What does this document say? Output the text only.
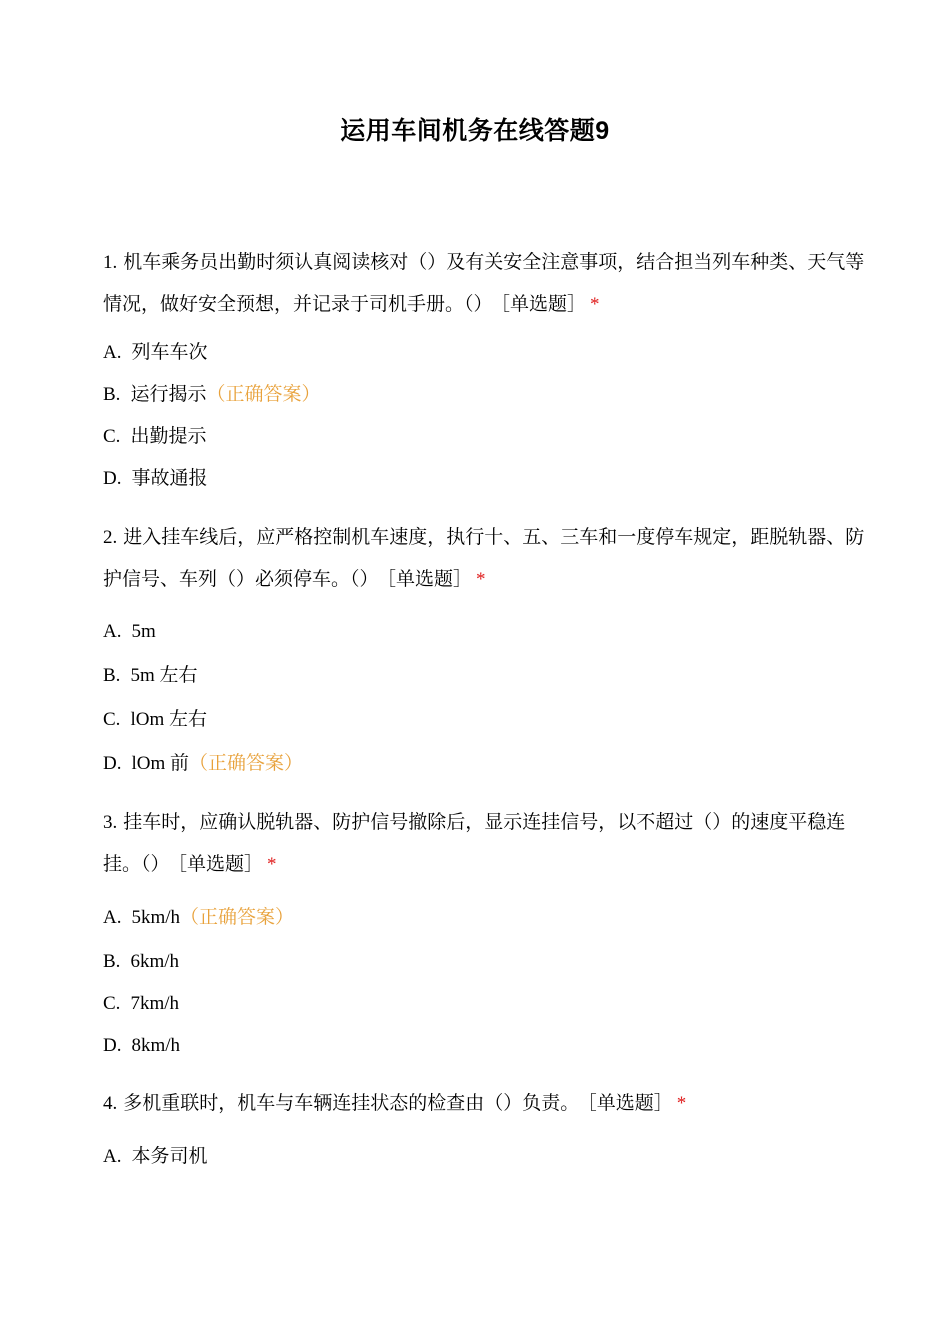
运用车间机务在线答题9
1. 机车乘务员出勤时须认真阅读核对（）及有关安全注意事项，结合担当列车种类、天气等情况，做好安全预想，并记录于司机手册。（） ［单选题］ *
A. 列车车次
B. 运行揭示（正确答案）
C. 出勤提示
D. 事故通报
2. 进入挂车线后，应严格控制机车速度，执行十、五、三车和一度停车规定，距脱轨器、防护信号、车列（）必须停车。（） ［单选题］ *
A. 5m
B. 5m 左右
C. lOm 左右
D. lOm 前（正确答案）
3. 挂车时，应确认脱轨器、防护信号撤除后，显示连挂信号，以不超过（）的速度平稳连挂。（） ［单选题］ *
A. 5km/h（正确答案）
B. 6km/h
C. 7km/h
D. 8km/h
4. 多机重联时，机车与车辆连挂状态的检查由（）负责。 ［单选题］ *
A. 本务司机
